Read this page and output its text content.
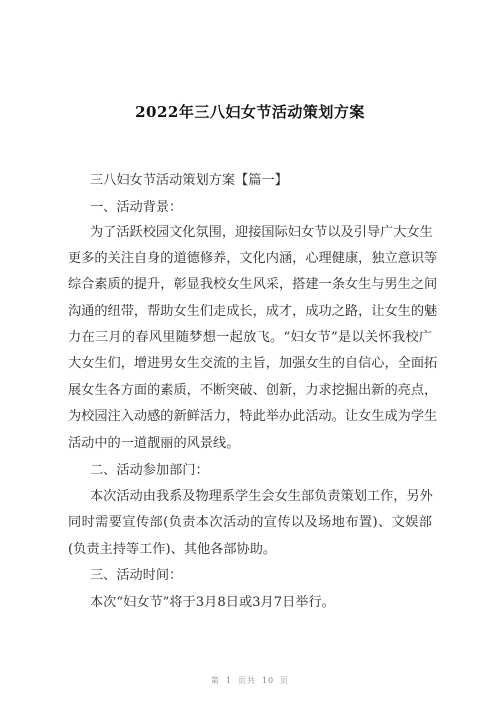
2022年三八妇女节活动策划方案
三八妇女节活动策划方案【篇一】
一、活动背景：
为了活跃校园文化氛围，迎接国际妇女节以及引导广大女生
更多的关注自身的道德修养，文化内涵，心理健康，独立意识等
综合素质的提升，彰显我校女生风采，搭建一条女生与男生之间
沟通的纽带，帮助女生们走成长，成才，成功之路，让女生的魅
力在三月的春风里随梦想一起放飞。“妇女节”是以关怀我校广
大女生们，增进男女生交流的主旨，加强女生的自信心，全面拓
展女生各方面的素质，不断突破、创新，力求挖掘出新的亮点，
为校园注入动感的新鲜活力，特此举办此活动。让女生成为学生
活动中的一道靓丽的风景线。
二、活动参加部门：
本次活动由我系及物理系学生会女生部负责策划工作，另外
同时需要宣传部(负责本次活动的宣传以及场地布置)、文娱部
(负责主持等工作)、其他各部协助。
三、活动时间：
本次“妇女节”将于3月8日或3月7日举行。
第 1 页共 10 页
